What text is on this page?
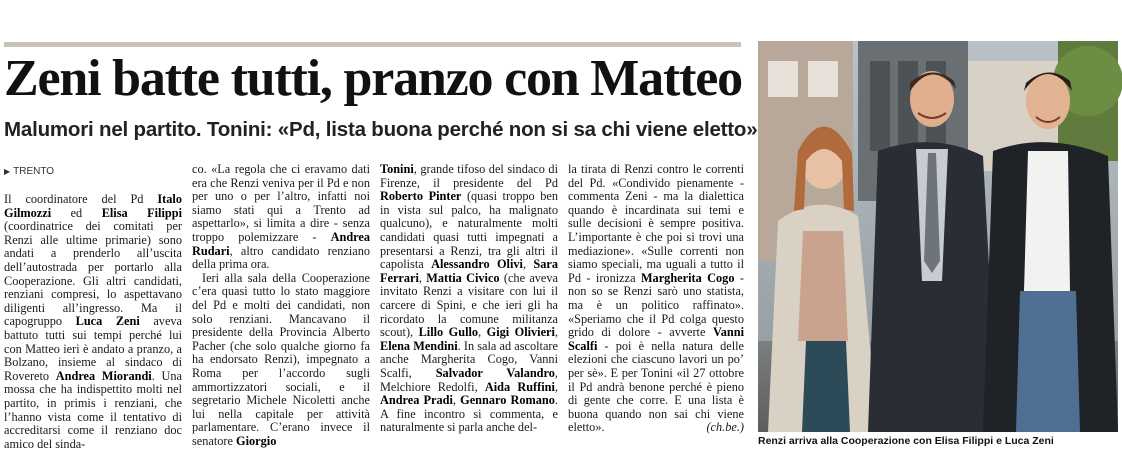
Zeni batte tutti, pranzo con Matteo
Malumori nel partito. Tonini: «Pd, lista buona perché non si sa chi viene eletto»
▶ TRENTO

Il coordinatore del Pd Italo Gilmozzi ed Elisa Filippi (coordinatrice dei comitati per Renzi alle ultime primarie) sono andati a prenderlo all’uscita dell’autostrada per portarlo alla Cooperazione. Gli altri candidati, renziani compresi, lo aspettavano diligenti all’ingresso. Ma il capogruppo Luca Zeni aveva battuto tutti sui tempi perché lui con Matteo ieri è andato a pranzo, a Bolzano, insieme al sindaco di Rovereto Andrea Miorandi. Una mossa che ha indispettito molti nel partito, in primis i renziani, che l’hanno vista come il tentativo di accreditarsi come il renziano doc amico del sinda-

co. «La regola che ci eravamo dati era che Renzi veniva per il Pd e non per uno o per l’altro, infatti noi siamo stati qui a Trento ad aspettarlo», si limita a dire - senza troppo polemizzare - Andrea Rudari, altro candidato renziano della prima ora.

Ieri alla sala della Cooperazione c’era quasi tutto lo stato maggiore del Pd e molti dei candidati, non solo renziani. Mancavano il presidente della Provincia Alberto Pacher (che solo qualche giorno fa ha endorsato Renzi), impegnato a Roma per l’accordo sugli ammortizzatori sociali, e il segretario Michele Nicoletti anche lui nella capitale per attività parlamentare. C’erano invece il senatore Giorgio

Tonini, grande tifoso del sindaco di Firenze, il presidente del Pd Roberto Pinter (quasi troppo ben in vista sul palco, ha malignato qualcuno), e naturalmente molti candidati quasi tutti impegnati a presentarsi a Renzi, tra gli altri il capolista Alessandro Olivi, Sara Ferrari, Mattia Civico (che aveva invitato Renzi a visitare con lui il carcere di Spini, e che ieri gli ha ricordato la comune militanza scout), Lillo Gullo, Gigi Olivieri, Elena Mendini. In sala ad ascoltare anche Margherita Cogo, Vanni Scalfi, Salvador Valandro, Melchiore Redolfi, Aida Ruffini, Andrea Pradi, Gennaro Romano. A fine incontro si commenta, e naturalmente si parla anche del-

la tirata di Renzi contro le correnti del Pd. «Condivido pienamente - commenta Zeni - ma la dialettica quando è incardinata sui temi e sulle decisioni è sempre positiva. L’importante è che poi si trovi una mediazione». «Sulle correnti non siamo speciali, ma uguali a tutto il Pd - ironizza Margherita Cogo - non so se Renzi sarò uno statista, ma è un politico raffinato». «Speriamo che il Pd colga questo grido di dolore - avverte Vanni Scalfi - poi è nella natura delle elezioni che ciascuno lavori un po’ per sè». E per Tonini «il 27 ottobre il Pd andrà benone perché è pieno di gente che corre. E una lista è buona quando non sai chi viene eletto».	(ch.be.)

Renzi arriva alla Cooperazione con Elisa Filippi e Luca Zeni
